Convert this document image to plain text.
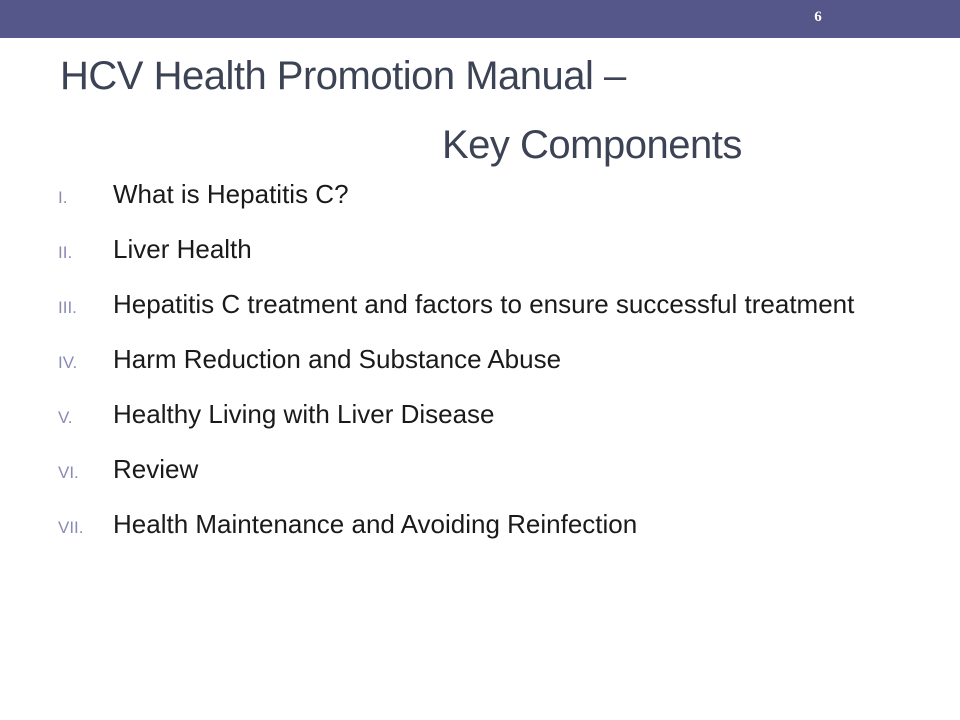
6
HCV Health Promotion Manual –
Key Components
I.	What is Hepatitis C?
II.	Liver Health
III.	Hepatitis C treatment and factors to ensure successful treatment
IV.	Harm Reduction and Substance Abuse
V.	Healthy Living with Liver Disease
VI.	Review
VII.	Health Maintenance and Avoiding Reinfection
